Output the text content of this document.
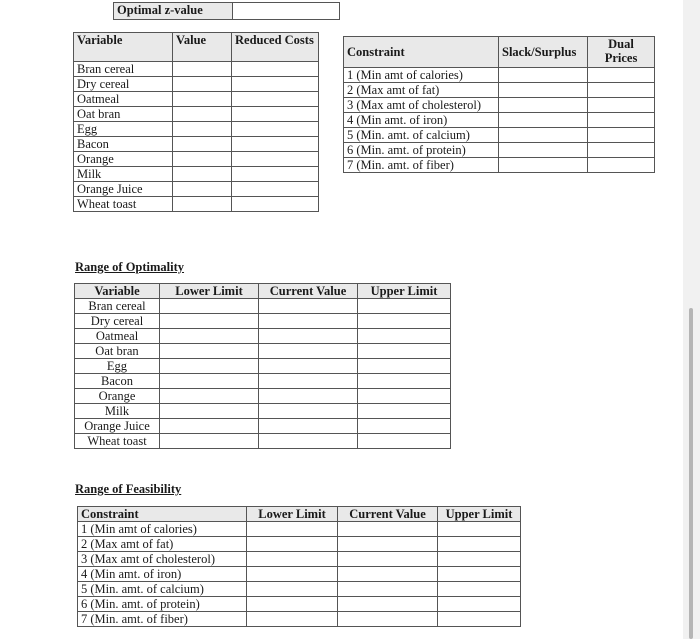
Optimal z-value	
Variable	Value	Reduced Costs
Bran cereal		
Dry cereal		
Oatmeal		
Oat bran		
Egg		
Bacon		
Orange		
Milk		
Orange Juice		
Wheat toast		
Constraint	Slack/Surplus	Dual Prices
1 (Min amt of calories)		
2 (Max amt of fat)		
3 (Max amt of cholesterol)		
4 (Min amt. of iron)		
5 (Min. amt. of calcium)		
6 (Min. amt. of protein)		
7 (Min. amt. of fiber)		
Range of Optimality
Variable	Lower Limit	Current Value	Upper Limit
Bran cereal			
Dry cereal			
Oatmeal			
Oat bran			
Egg			
Bacon			
Orange			
Milk			
Orange Juice			
Wheat toast			
Range of Feasibility
Constraint	Lower Limit	Current Value	Upper Limit
1 (Min amt of calories)			
2 (Max amt of fat)			
3 (Max amt of cholesterol)			
4 (Min amt. of iron)			
5 (Min. amt. of calcium)			
6 (Min. amt. of protein)			
7 (Min. amt. of fiber)			
